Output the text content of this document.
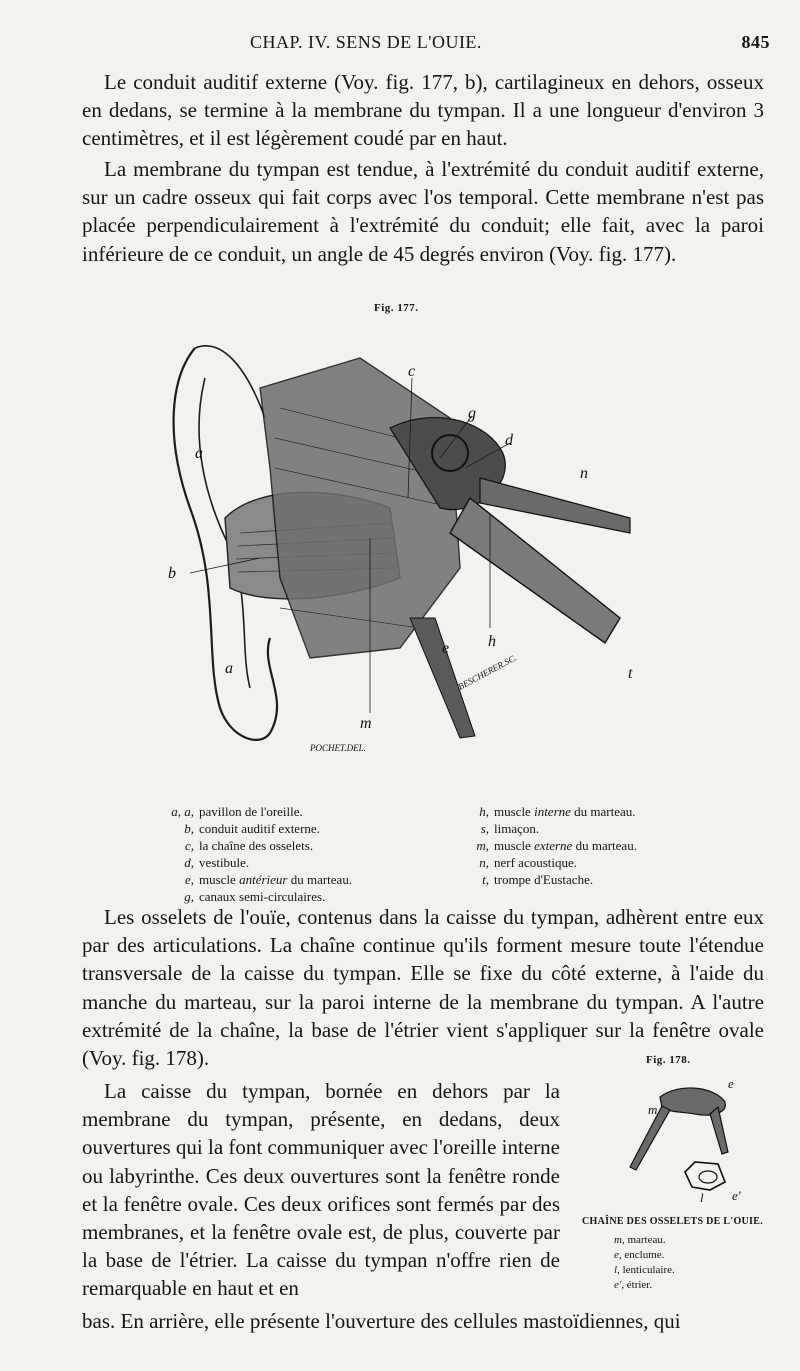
CHAP. IV. SENS DE L'OUIE.	845

Le conduit auditif externe (Voy. fig. 177, b), cartilagineux en dehors, osseux en dedans, se termine à la membrane du tympan. Il a une longueur d'environ 3 centimètres, et il est légèrement coudé par en haut.

La membrane du tympan est tendue, à l'extrémité du conduit auditif externe, sur un cadre osseux qui fait corps avec l'os temporal. Cette membrane n'est pas placée perpendiculairement à l'extrémité du conduit; elle fait, avec la paroi inférieure de ce conduit, un angle de 45 degrés environ (Voy. fig. 177).

Fig. 177.
a
a
b
c
d
e
g
h
m
n
t
POCHET.DEL.
BESCHERER.SC.
a, a, pavillon de l'oreille.
b, conduit auditif externe.
c, la chaîne des osselets.
d, vestibule.
e, muscle antérieur du marteau.
g, canaux semi-circulaires.
h, muscle interne du marteau.
s, limaçon.
m, muscle externe du marteau.
n, nerf acoustique.
t, trompe d'Eustache.

Les osselets de l'ouïe, contenus dans la caisse du tympan, adhèrent entre eux par des articulations. La chaîne continue qu'ils forment mesure toute l'étendue transversale de la caisse du tympan. Elle se fixe du côté externe, à l'aide du manche du marteau, sur la paroi interne de la membrane du tympan. A l'autre extrémité de la chaîne, la base de l'étrier vient s'appliquer sur la fenêtre ovale (Voy. fig. 178).

La caisse du tympan, bornée en dehors par la membrane du tympan, présente, en dedans, deux ouvertures qui la font communiquer avec l'oreille interne ou labyrinthe. Ces deux ouvertures sont la fenêtre ronde et la fenêtre ovale. Ces deux orifices sont fermés par des membranes, et la fenêtre ovale est, de plus, couverte par la base de l'étrier. La caisse du tympan n'offre rien de remarquable en haut et en

bas. En arrière, elle présente l'ouverture des cellules mastoïdiennes, qui

Fig. 178.
e
m
l e'
CHAÎNE DES OSSELETS DE L'OUIE.
m, marteau.
e, enclume.
l, lenticulaire.
e', étrier.
